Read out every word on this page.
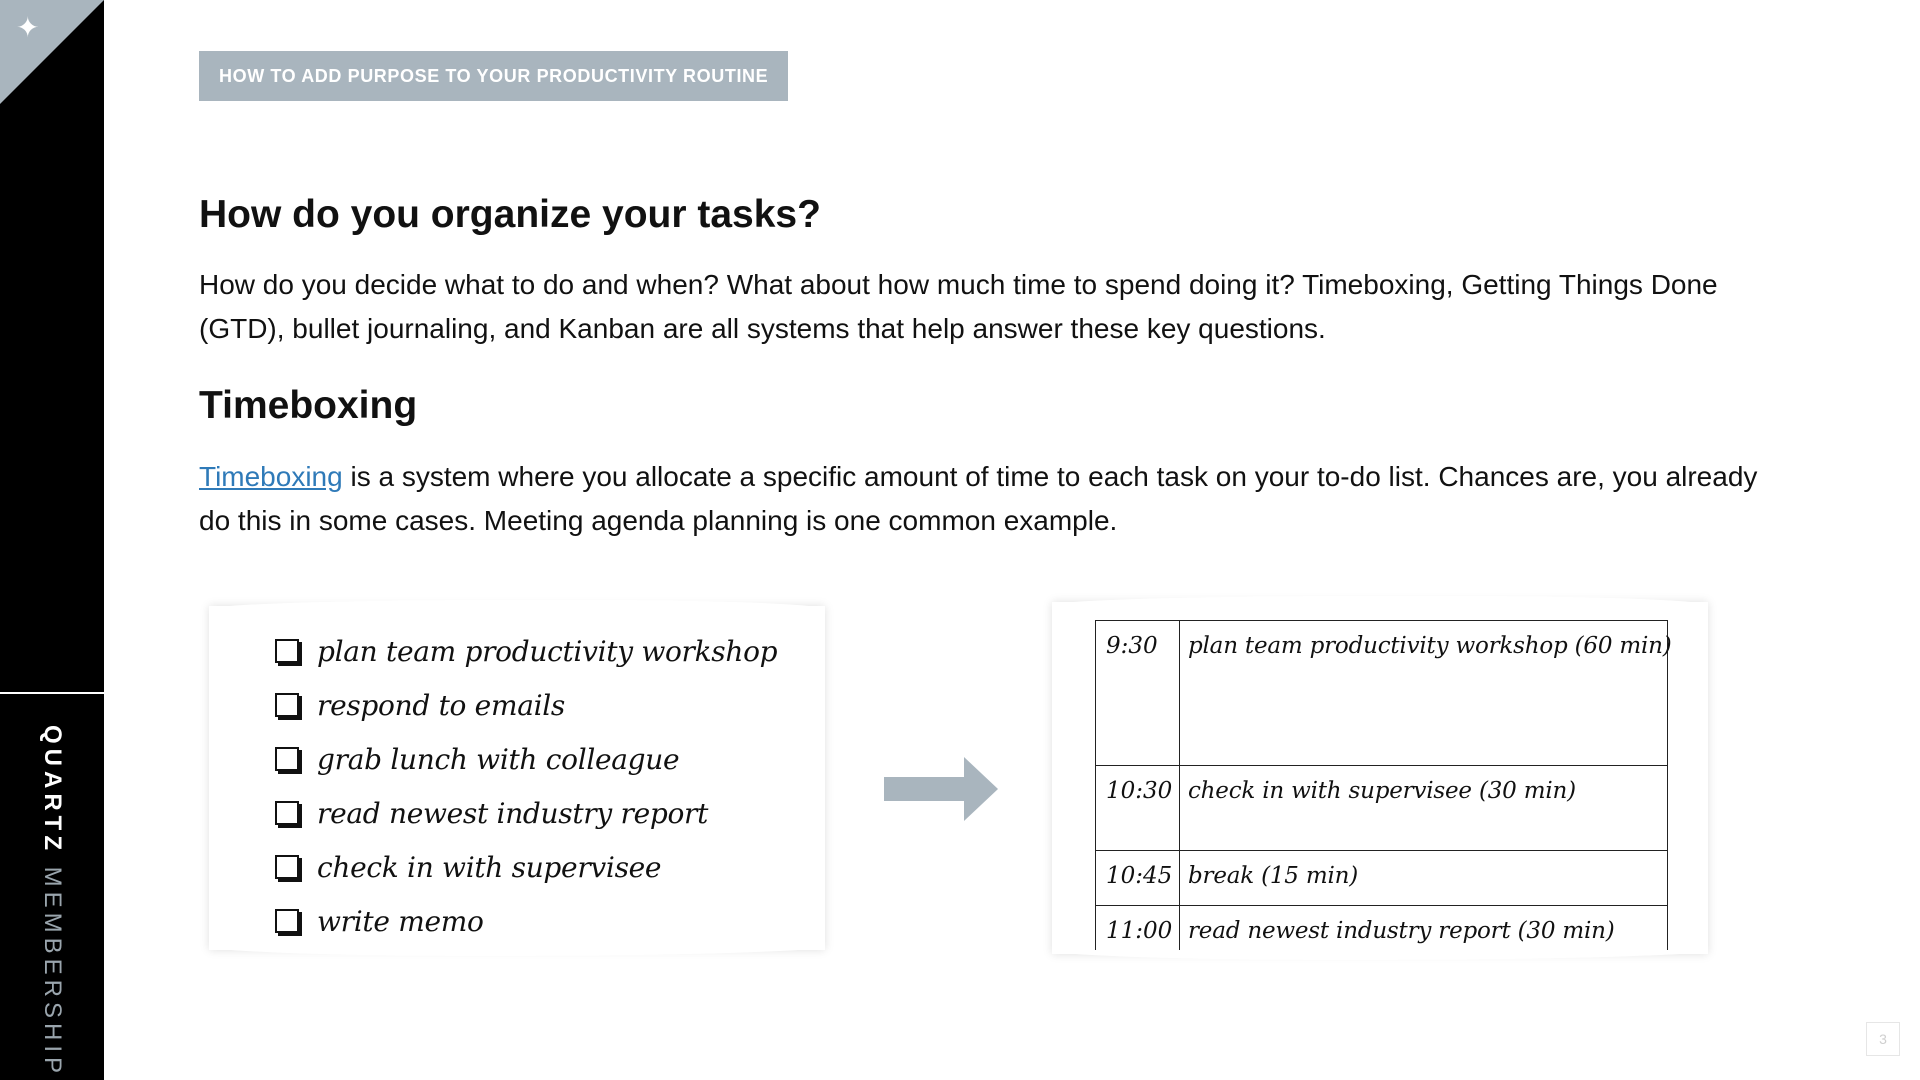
✦
QUARTZ MEMBERSHIP
HOW TO ADD PURPOSE TO YOUR PRODUCTIVITY ROUTINE
How do you organize your tasks?

How do you decide what to do and when? What about how much time to spend doing it? Timeboxing, Getting Things Done (GTD), bullet journaling, and Kanban are all systems that help answer these key questions.

Timeboxing

Timeboxing is a system where you allocate a specific amount of time to each task on your to-do list. Chances are, you already do this in some cases. Meeting agenda planning is one common example.

plan team productivity workshop
respond to emails
grab lunch with colleague
read newest industry report
check in with supervisee
write memo
9:30	plan team productivity workshop (60 min)
10:30 check in with supervisee (30 min)
10:45 break (15 min)
11:00 read newest industry report (30 min)
3
